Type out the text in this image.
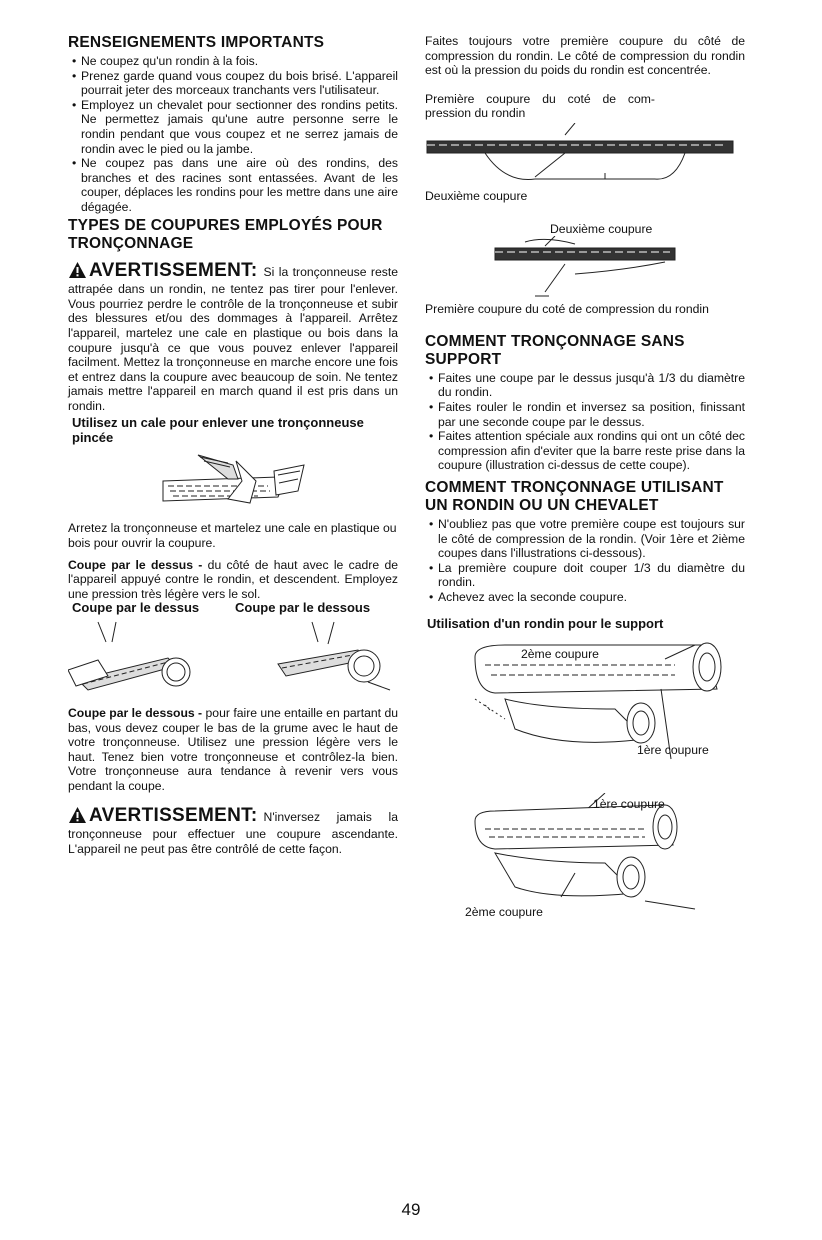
RENSEIGNEMENTS IMPORTANTS
• Ne coupez qu'un rondin à la fois.
• Prenez garde quand vous coupez du bois brisé. L'appareil pourrait jeter des morceaux tranchants vers l'utilisateur.
• Employez un chevalet pour sectionner des rondins petits. Ne permettez jamais qu'une autre personne serre le rondin pendant que vous coupez et ne serrez jamais de rondin avec le pied ou la jambe.
• Ne coupez pas dans une aire où des rondins, des branches et des racines sont entassées. Avant de les couper, déplaces les rondins pour les mettre dans une aire dégagée.
TYPES DE COUPURES EMPLOYÉS POUR TRONÇONNAGE
AVERTISSEMENT: Si la tronçonneuse reste attrapée dans un rondin, ne tentez pas tirer pour l'enlever. Vous pourriez perdre le contrôle de la tronçonneuse et subir des blessures et/ou des dommages à l'appareil. Arrêtez l'appareil, martelez une cale en plastique ou bois dans la coupure jusqu'à ce que vous pouvez enlever l'appareil facilment. Mettez la tronçonneuse en marche encore une fois et entrez dans la coupure avec beaucoup de soin. Ne tentez jamais mettre l'appareil en march quand il est pris dans un rondin.
Utilisez un cale pour enlever une tronçonneuse pincée

Arretez la tronçonneuse et martelez une cale en plastique ou bois pour ouvrir la coupure.

Coupe par le dessus - du côté de haut avec le cadre de l'appareil appuyé contre le rondin, et descendent. Employez une pression très légère vers le sol.

Coupe par le dessus	Coupe par le dessous

Coupe par le dessous - pour faire une entaille en partant du bas, vous devez couper le bas de la grume avec le haut de votre tronçonneuse. Utilisez une pression légère vers le haut. Tenez bien votre tronçonneuse et contrôlez-la bien. Votre tronçonneuse aura tendance à revenir vers vous pendant la coupe.

AVERTISSEMENT: N'inversez jamais la tronçonneuse pour effectuer une coupure ascendante. L'appareil ne peut pas être contrôlé de cette façon.

Faites toujours votre première coupure du côté de compression du rondin. Le côté de compression du rondin est où la pression du poids du rondin est concentrée.

Première coupure du coté de com-pression du rondin

Deuxième coupure

Deuxième coupure

Première coupure du coté de compression du rondin

COMMENT TRONÇONNAGE SANS SUPPORT
• Faites une coupe par le dessus jusqu'à 1/3 du diamètre du rondin.
• Faites rouler le rondin et inversez sa position, finissant par une seconde coupe par le dessus.
• Faites attention spéciale aux rondins qui ont un côté dec compression afin d'eviter que la barre reste prise dans la coupure (illustration ci-dessus de cette coupe).
COMMENT TRONÇONNAGE UTILISANT UN RONDIN OU UN CHEVALET
• N'oubliez pas que votre première coupe est toujours sur le côté de compression de la rondin. (Voir 1ère et 2ième coupes dans l'illustrations ci-dessous).
• La première coupure doit couper 1/3 du diamètre du rondin.
• Achevez avec la seconde coupure.
Utilisation d'un rondin pour le support
2ème coupure
1ère coupure
1ère coupure
2ème coupure
49
